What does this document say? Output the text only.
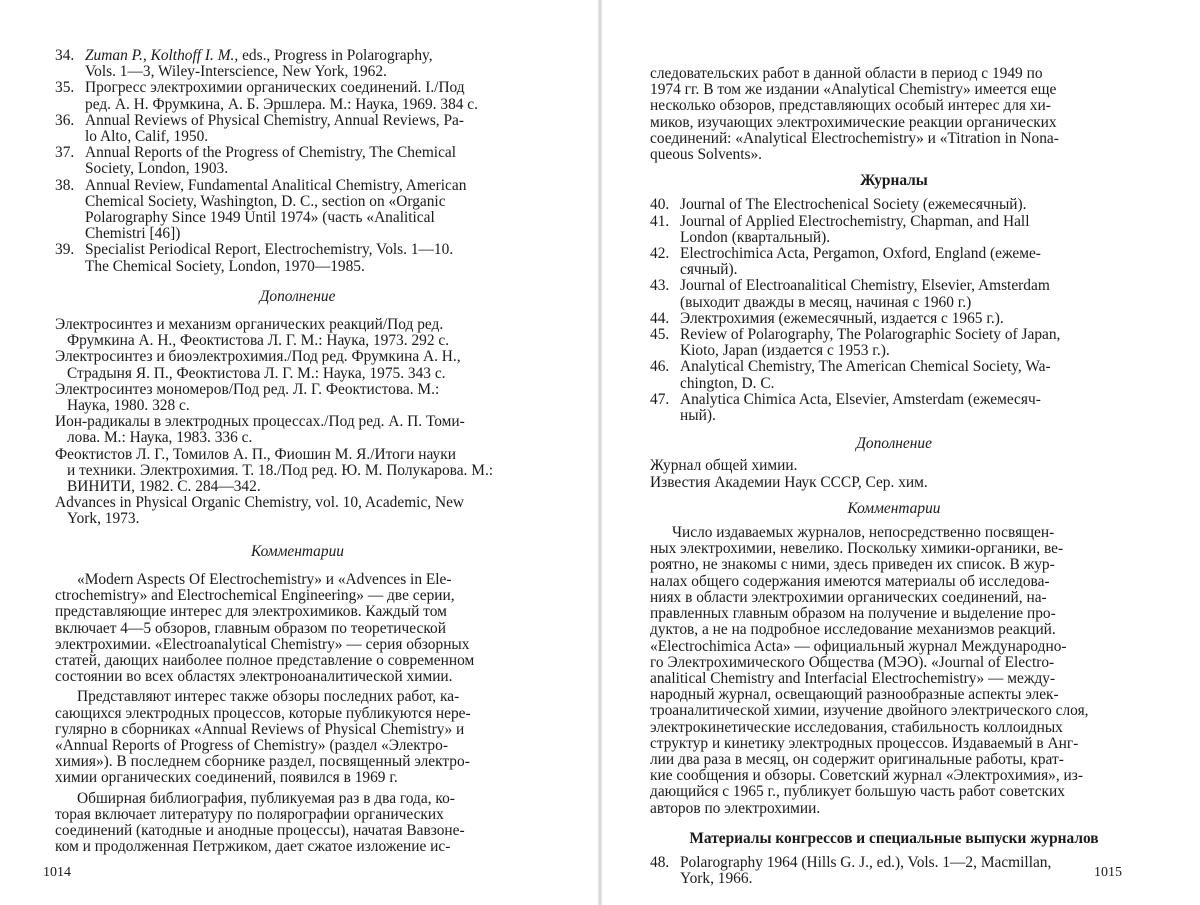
34. Zuman P., Kolthoff I. M., eds., Progress in Polarography,
Vols. 1—3, Wiley-Interscience, New York, 1962.
35. Прогресс электрохимии органических соединений. I./Под
ред. А. Н. Фрумкина, А. Б. Эршлера. М.: Наука, 1969. 384 с.
36. Annual Reviews of Physical Chemistry, Annual Reviews, Pa-
lo Alto, Calif, 1950.
37. Annual Reports of the Progress of Chemistry, The Chemical
Society, London, 1903.
38. Annual Review, Fundamental Analitical Chemistry, American
Chemical Society, Washington, D. C., section on «Organic
Polarography Since 1949 Until 1974» (часть «Analitical
Chemistri [46])
39. Specialist Periodical Report, Electrochemistry, Vols. 1—10.
The Chemical Society, London, 1970—1985.
Дополнение
Электросинтез и механизм органических реакций/Под ред.
Фрумкина А. Н., Феоктистова Л. Г. М.: Наука, 1973. 292 с.
Электросинтез и биоэлектрохимия./Под ред. Фрумкина А. Н.,
Страдыня Я. П., Феоктистова Л. Г. М.: Наука, 1975. 343 с.
Электросинтез мономеров/Под ред. Л. Г. Феоктистова. М.:
Наука, 1980. 328 с.
Ион-радикалы в электродных процессах./Под ред. А. П. Томи-
лова. М.: Наука, 1983. 336 с.
Феоктистов Л. Г., Томилов А. П., Фиошин М. Я./Итоги науки
и техники. Электрохимия. Т. 18./Под ред. Ю. М. Полукарова. М.:
ВИНИТИ, 1982. С. 284—342.
Advances in Physical Organic Chemistry, vol. 10, Academic, New
York, 1973.
Комментарии
«Modern Aspects Of Electrochemistry» и «Advences in Ele-
ctrochemistry» and Electrochemical Engineering» — две серии,
представляющие интерес для электрохимиков. Каждый том
включает 4—5 обзоров, главным образом по теоретической
электрохимии. «Electroanalytical Chemistry» — серия обзорных
статей, дающих наиболее полное представление о современном
состоянии во всех областях электроноаналитической химии.
Представляют интерес также обзоры последних работ, ка-
сающихся электродных процессов, которые публикуются нере-
гулярно в сборниках «Annual Reviews of Physical Chemistry» и
«Annual Reports of Progress of Chemistry» (раздел «Электро-
химия»). В последнем сборнике раздел, посвященный электро-
химии органических соединений, появился в 1969 г.
Обширная библиография, публикуемая раз в два года, ко-
торая включает литературу по полярографии органических
соединений (катодные и анодные процессы), начатая Вавзоне-
ком и продолженная Петржиком, дает сжатое изложение ис-
1014
следовательских работ в данной области в период с 1949 по
1974 гг. В том же издании «Analytical Chemistry» имеется еще
несколько обзоров, представляющих особый интерес для хи-
миков, изучающих электрохимические реакции органических
соединений: «Analytical Electrochemistry» и «Titration in Nona-
queous Solvents».
Журналы
40. Journal of The Electrochenical Society (ежемесячный).
41. Journal of Applied Electrochemistry, Chapman, and Hall
London (квартальный).
42. Electrochimica Acta, Pergamon, Oxford, England (ежеме-
сячный).
43. Journal of Electroanalitical Chemistry, Elsevier, Amsterdam
(выходит дважды в месяц, начиная с 1960 г.)
44. Электрохимия (ежемесячный, издается с 1965 г.).
45. Review of Polarography, The Polarographic Society of Japan,
Kioto, Japan (издается с 1953 г.).
46. Analytical Chemistry, The American Chemical Society, Wa-
chington, D. C.
47. Analytica Chimica Acta, Elsevier, Amsterdam (ежемесяч-
ный).
Дополнение
Журнал общей химии.
Известия Академии Наук СССР, Сер. хим.
Комментарии
Число издаваемых журналов, непосредственно посвящен-
ных электрохимии, невелико. Поскольку химики-органики, ве-
роятно, не знакомы с ними, здесь приведен их список. В жур-
налах общего содержания имеются материалы об исследова-
ниях в области электрохимии органических соединений, на-
правленных главным образом на получение и выделение про-
дуктов, а не на подробное исследование механизмов реакций.
«Electrochimica Acta» — официальный журнал Международно-
го Электрохимического Общества (МЭО). «Journal of Electro-
analitical Chemistry and Interfacial Electrochemistry» — между-
народный журнал, освещающий разнообразные аспекты элек-
троаналитической химии, изучение двойного электрического слоя,
электрокинетические исследования, стабильность коллоидных
структур и кинетику электродных процессов. Издаваемый в Анг-
лии два раза в месяц, он содержит оригинальные работы, крат-
кие сообщения и обзоры. Советский журнал «Электрохимия», из-
дающийся с 1965 г., публикует большую часть работ советских
авторов по электрохимии.
Материалы конгрессов и специальные выпуски журналов
48. Polarography 1964 (Hills G. J., ed.), Vols. 1—2, Macmillan,
York, 1966.	1015
